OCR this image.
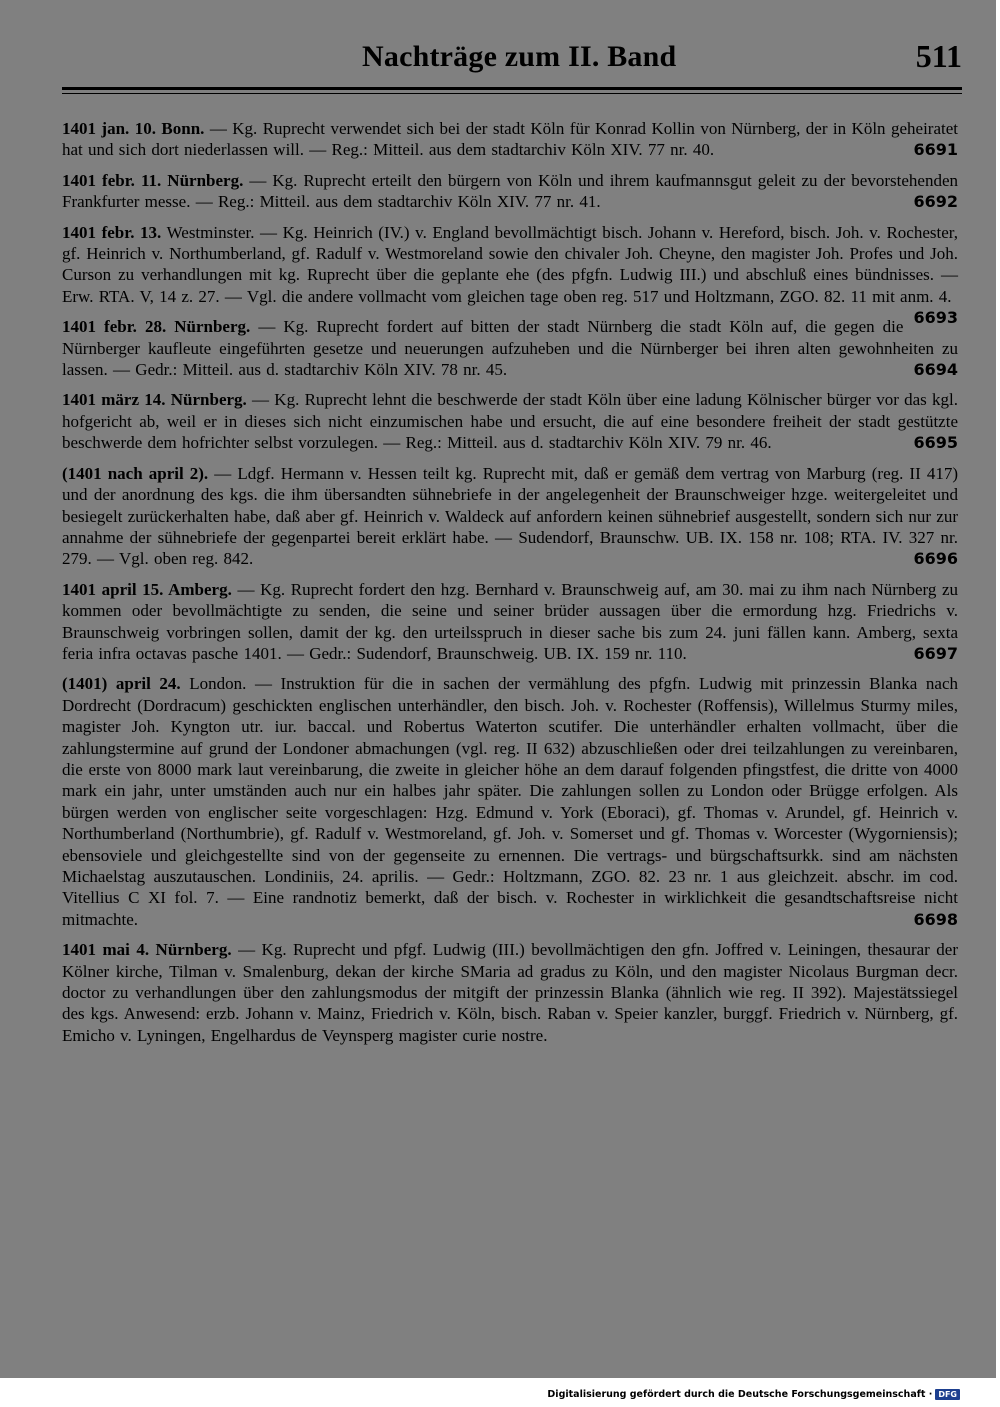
Nachträge zum II. Band	511

1401 jan. 10. Bonn. — Kg. Ruprecht verwendet sich bei der stadt Köln für Konrad Kollin von Nürnberg, der in Köln geheiratet hat und sich dort niederlassen will. — Reg.: Mitteil. aus dem stadtarchiv Köln XIV. 77 nr. 40.	6691

1401 febr. 11. Nürnberg. — Kg. Ruprecht erteilt den bürgern von Köln und ihrem kaufmannsgut geleit zu der bevorstehenden Frankfurter messe. — Reg.: Mitteil. aus dem stadtarchiv Köln XIV. 77 nr. 41.	6692

1401 febr. 13. Westminster. — Kg. Heinrich (IV.) v. England bevollmächtigt bisch. Johann v. Hereford, bisch. Joh. v. Rochester, gf. Heinrich v. Northumberland, gf. Radulf v. Westmoreland sowie den chivaler Joh. Cheyne, den magister Joh. Profes und Joh. Curson zu verhandlungen mit kg. Ruprecht über die geplante ehe (des pfgfn. Ludwig III.) und abschluß eines bündnisses. — Erw. RTA. V, 14 z. 27. — Vgl. die andere vollmacht vom gleichen tage oben reg. 517 und Holtzmann, ZGO. 82. 11 mit anm. 4.
6693

1401 febr. 28. Nürnberg. — Kg. Ruprecht fordert auf bitten der stadt Nürnberg die stadt Köln auf, die gegen die Nürnberger kaufleute eingeführten gesetze und neuerungen aufzuheben und die Nürnberger bei ihren alten gewohnheiten zu lassen. — Gedr.: Mitteil. aus d. stadtarchiv Köln XIV. 78 nr. 45.	6694

1401 märz 14. Nürnberg. — Kg. Ruprecht lehnt die beschwerde der stadt Köln über eine ladung Kölnischer bürger vor das kgl. hofgericht ab, weil er in dieses sich nicht einzumischen habe und ersucht, die auf eine besondere freiheit der stadt gestützte beschwerde dem hofrichter selbst vorzulegen. — Reg.: Mitteil. aus d. stadtarchiv Köln XIV. 79 nr. 46.	6695

(1401 nach april 2). — Ldgf. Hermann v. Hessen teilt kg. Ruprecht mit, daß er gemäß dem vertrag von Marburg (reg. II 417) und der anordnung des kgs. die ihm übersandten sühnebriefe in der angelegenheit der Braunschweiger hzge. weitergeleitet und besiegelt zurückerhalten habe, daß aber gf. Heinrich v. Waldeck auf anfordern keinen sühnebrief ausgestellt, sondern sich nur zur annahme der sühnebriefe der gegenpartei bereit erklärt habe. — Sudendorf, Braunschw. UB. IX. 158 nr. 108; RTA. IV. 327 nr. 279. — Vgl. oben reg. 842.	6696

1401 april 15. Amberg. — Kg. Ruprecht fordert den hzg. Bernhard v. Braunschweig auf, am 30. mai zu ihm nach Nürnberg zu kommen oder bevollmächtigte zu senden, die seine und seiner brüder aussagen über die ermordung hzg. Friedrichs v. Braunschweig vorbringen sollen, damit der kg. den urteilsspruch in dieser sache bis zum 24. juni fällen kann. Amberg, sexta feria infra octavas pasche 1401. — Gedr.: Sudendorf, Braunschweig. UB. IX. 159 nr. 110.	6697

(1401) april 24. London. — Instruktion für die in sachen der vermählung des pfgfn. Ludwig mit prinzessin Blanka nach Dordrecht (Dordracum) geschickten englischen unterhändler, den bisch. Joh. v. Rochester (Roffensis), Willelmus Sturmy miles, magister Joh. Kyngton utr. iur. baccal. und Robertus Waterton scutifer. Die unterhändler erhalten vollmacht, über die zahlungstermine auf grund der Londoner abmachungen (vgl. reg. II 632) abzuschließen oder drei teilzahlungen zu vereinbaren, die erste von 8000 mark laut vereinbarung, die zweite in gleicher höhe an dem darauf folgenden pfingstfest, die dritte von 4000 mark ein jahr, unter umständen auch nur ein halbes jahr später. Die zahlungen sollen zu London oder Brügge erfolgen. Als bürgen werden von englischer seite vorgeschlagen: Hzg. Edmund v. York (Eboraci), gf. Thomas v. Arundel, gf. Heinrich v. Northumberland (Northumbrie), gf. Radulf v. Westmoreland, gf. Joh. v. Somerset und gf. Thomas v. Worcester (Wygorniensis); ebensoviele und gleichgestellte sind von der gegenseite zu ernennen. Die vertrags- und bürgschaftsurkk. sind am nächsten Michaelstag auszutauschen. Londiniis, 24. aprilis. — Gedr.: Holtzmann, ZGO. 82. 23 nr. 1 aus gleichzeit. abschr. im cod. Vitellius C XI fol. 7. — Eine randnotiz bemerkt, daß der bisch. v. Rochester in wirklichkeit die gesandtschaftsreise nicht mitmachte.	6698

1401 mai 4. Nürnberg. — Kg. Ruprecht und pfgf. Ludwig (III.) bevollmächtigen den gfn. Joffred v. Leiningen, thesaurar der Kölner kirche, Tilman v. Smalenburg, dekan der kirche SMaria ad gradus zu Köln, und den magister Nicolaus Burgman decr. doctor zu verhandlungen über den zahlungsmodus der mitgift der prinzessin Blanka (ähnlich wie reg. II 392). Majestätssiegel des kgs. Anwesend: erzb. Johann v. Mainz, Friedrich v. Köln, bisch. Raban v. Speier kanzler, burggf. Friedrich v. Nürnberg, gf. Emicho v. Lyningen, Engelhardus de Veynsperg magister curie nostre.

Digitalisierung gefördert durch die Deutsche Forschungsgemeinschaft · DFG
